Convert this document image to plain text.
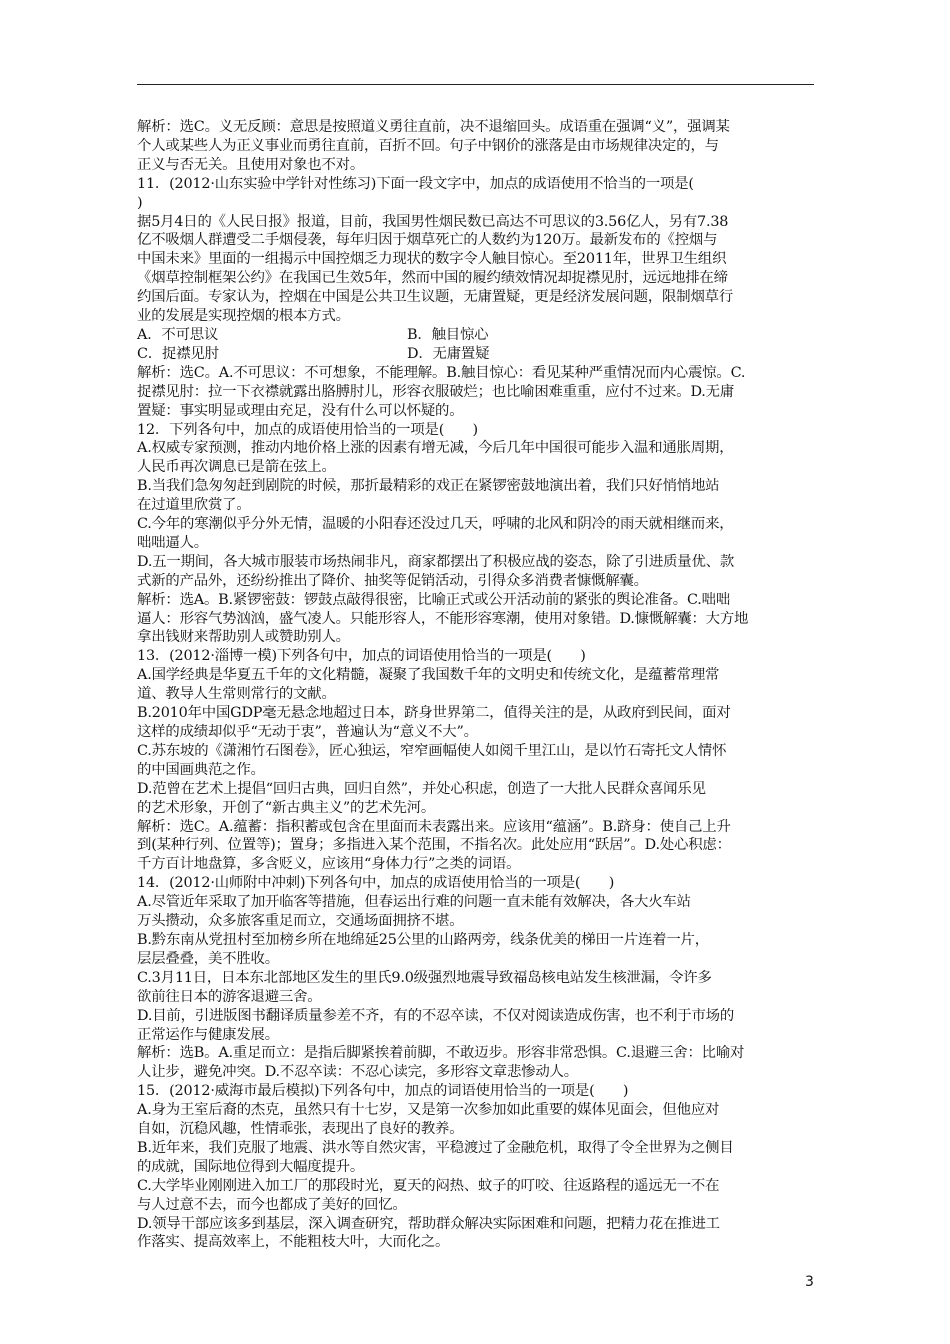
解析：选C。义无反顾：意思是按照道义勇往直前，决不退缩回头。成语重在强调“义”，强调某

个人或某些人为正义事业而勇往直前，百折不回。句子中钢价的涨落是由市场规律决定的，与

正义与否无关。且使用对象也不对。

11．(2012·山东实验中学针对性练习)下面一段文字中，加点的成语使用不恰当的一项是(

)

据5月4日的《人民日报》报道，目前，我国男性烟民数已高达不可思议的3.56亿人，另有7.38

亿不吸烟人群遭受二手烟侵袭，每年归因于烟草死亡的人数约为120万。最新发布的《控烟与

中国未来》里面的一组揭示中国控烟乏力现状的数字令人触目惊心。至2011年，世界卫生组织

《烟草控制框架公约》在我国已生效5年，然而中国的履约绩效情况却捉襟见肘，远远地排在缔

约国后面。专家认为，控烟在中国是公共卫生议题，无庸置疑，更是经济发展问题，限制烟草行

业的发展是实现控烟的根本方式。

A．不可思议	B．触目惊心
C．捉襟见肘	D．无庸置疑

解析：选C。A.不可思议：不可想象，不能理解。B.触目惊心：看见某种严重情况而内心震惊。C.

捉襟见肘：拉一下衣襟就露出胳膊肘儿，形容衣服破烂；也比喻困难重重，应付不过来。D.无庸

置疑：事实明显或理由充足，没有什么可以怀疑的。

12．下列各句中，加点的成语使用恰当的一项是(　　)

A.权威专家预测，推动内地价格上涨的因素有增无减，今后几年中国很可能步入温和通胀周期，

人民币再次调息已是箭在弦上。

B.当我们急匆匆赶到剧院的时候，那折最精彩的戏正在紧锣密鼓地演出着，我们只好悄悄地站

在过道里欣赏了。

C.今年的寒潮似乎分外无情，温暖的小阳春还没过几天，呼啸的北风和阴冷的雨天就相继而来，

咄咄逼人。

D.五一期间，各大城市服装市场热闹非凡，商家都摆出了积极应战的姿态，除了引进质量优、款

式新的产品外，还纷纷推出了降价、抽奖等促销活动，引得众多消费者慷慨解囊。

解析：选A。B.紧锣密鼓：锣鼓点敲得很密，比喻正式或公开活动前的紧张的舆论准备。C.咄咄

逼人：形容气势汹汹，盛气凌人。只能形容人，不能形容寒潮，使用对象错。D.慷慨解囊：大方地

拿出钱财来帮助别人或赞助别人。

13．(2012·淄博一模)下列各句中，加点的词语使用恰当的一项是(　　)

A.国学经典是华夏五千年的文化精髓，凝聚了我国数千年的文明史和传统文化，是蕴蓄常理常

道、教导人生常则常行的文献。

B.2010年中国GDP毫无悬念地超过日本，跻身世界第二，值得关注的是，从政府到民间，面对

这样的成绩却似乎“无动于衷”，普遍认为“意义不大”。

C.苏东坡的《潇湘竹石图卷》，匠心独运，窄窄画幅使人如阅千里江山，是以竹石寄托文人情怀

的中国画典范之作。

D.范曾在艺术上提倡“回归古典，回归自然”，并处心积虑，创造了一大批人民群众喜闻乐见

的艺术形象，开创了“新古典主义”的艺术先河。

解析：选C。A.蕴蓄：指积蓄或包含在里面而未表露出来。应该用“蕴涵”。B.跻身：使自己上升

到(某种行列、位置等)；置身；多指进入某个范围，不指名次。此处应用“跃居”。D.处心积虑：

千方百计地盘算，多含贬义，应该用“身体力行”之类的词语。

14．(2012·山师附中冲刺)下列各句中，加点的成语使用恰当的一项是(　　)

A.尽管近年采取了加开临客等措施，但春运出行难的问题一直未能有效解决，各大火车站

万头攒动，众多旅客重足而立，交通场面拥挤不堪。

B.黔东南从党扭村至加榜乡所在地绵延25公里的山路两旁，线条优美的梯田一片连着一片，

层层叠叠，美不胜收。

C.3月11日，日本东北部地区发生的里氏9.0级强烈地震导致福岛核电站发生核泄漏，令许多

欲前往日本的游客退避三舍。

D.目前，引进版图书翻译质量参差不齐，有的不忍卒读，不仅对阅读造成伤害，也不利于市场的

正常运作与健康发展。

解析：选B。A.重足而立：是指后脚紧挨着前脚，不敢迈步。形容非常恐惧。C.退避三舍：比喻对

人让步，避免冲突。D.不忍卒读：不忍心读完，多形容文章悲惨动人。

15．(2012·威海市最后模拟)下列各句中，加点的词语使用恰当的一项是(　　)

A.身为王室后裔的杰克，虽然只有十七岁，又是第一次参加如此重要的媒体见面会，但他应对

自如，沉稳风趣，性情乖张，表现出了良好的教养。

B.近年来，我们克服了地震、洪水等自然灾害，平稳渡过了金融危机，取得了令全世界为之侧目

的成就，国际地位得到大幅度提升。

C.大学毕业刚刚进入加工厂的那段时光，夏天的闷热、蚊子的叮咬、往返路程的遥远无一不在

与人过意不去，而今也都成了美好的回忆。

D.领导干部应该多到基层，深入调查研究，帮助群众解决实际困难和问题，把精力花在推进工

作落实、提高效率上，不能粗枝大叶，大而化之。

3
